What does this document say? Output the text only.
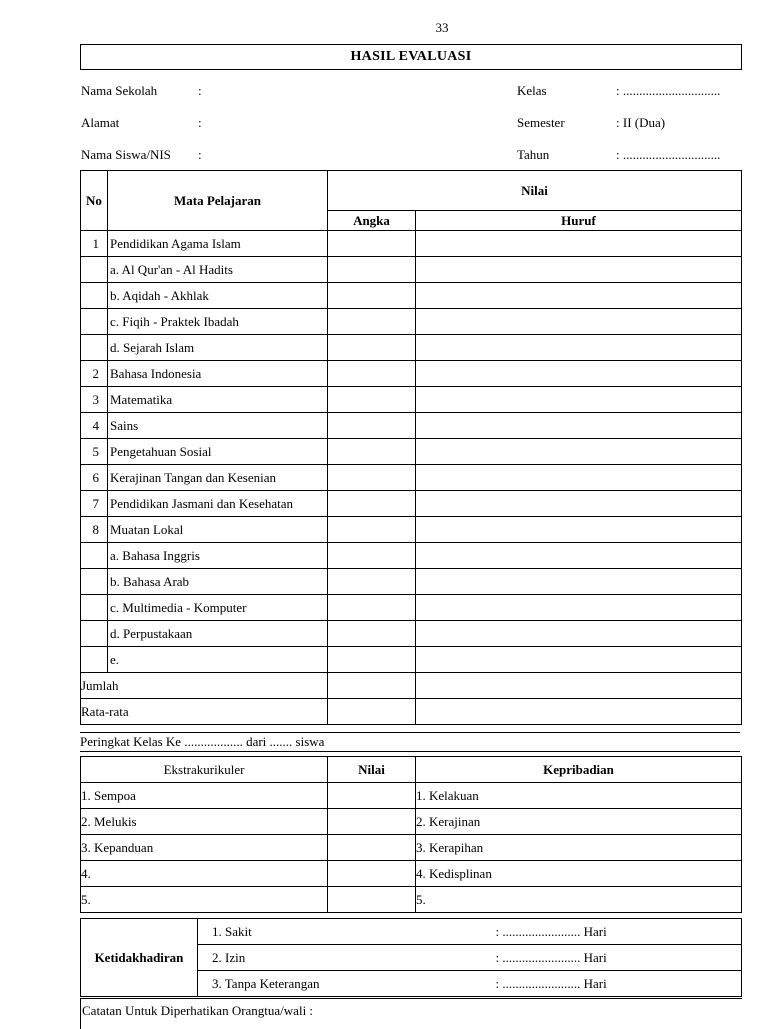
33
HASIL EVALUASI
Nama Sekolah	:
Alamat	:
Nama Siswa/NIS :
Kelas	: ..............................
Semester	: II (Dua)
Tahun	: ..............................
No	Mata Pelajaran	Nilai	
		Angka	Huruf
1	Pendidikan Agama Islam		
	a. Al Qur'an - Al Hadits		
	b. Aqidah - Akhlak		
	c. Fiqih - Praktek Ibadah		
	d. Sejarah Islam		
2	Bahasa Indonesia		
3	Matematika		
4	Sains		
5	Pengetahuan Sosial		
6	Kerajinan Tangan dan Kesenian		
7	Pendidikan Jasmani dan Kesehatan		
8	Muatan Lokal		
	a. Bahasa Inggris		
	b. Bahasa Arab		
	c. Multimedia - Komputer		
	d. Perpustakaan		
	e.		
Jumlah			
Rata-rata			
Peringkat Kelas Ke .................. dari ....... siswa
Ekstrakurikuler	Nilai	Kepribadian
1. Sempoa		1. Kelakuan
2. Melukis		2. Kerajinan
3. Kepanduan		3. Kerapihan
4.		4. Kedisplinan
5.		5.
Ketidakhadiran	1. Sakit	: ........................ Hari
	2. Izin	: ........................ Hari
	3. Tanpa Keterangan	: ........................ Hari
Catatan Untuk Diperhatikan Orangtua/wali :
